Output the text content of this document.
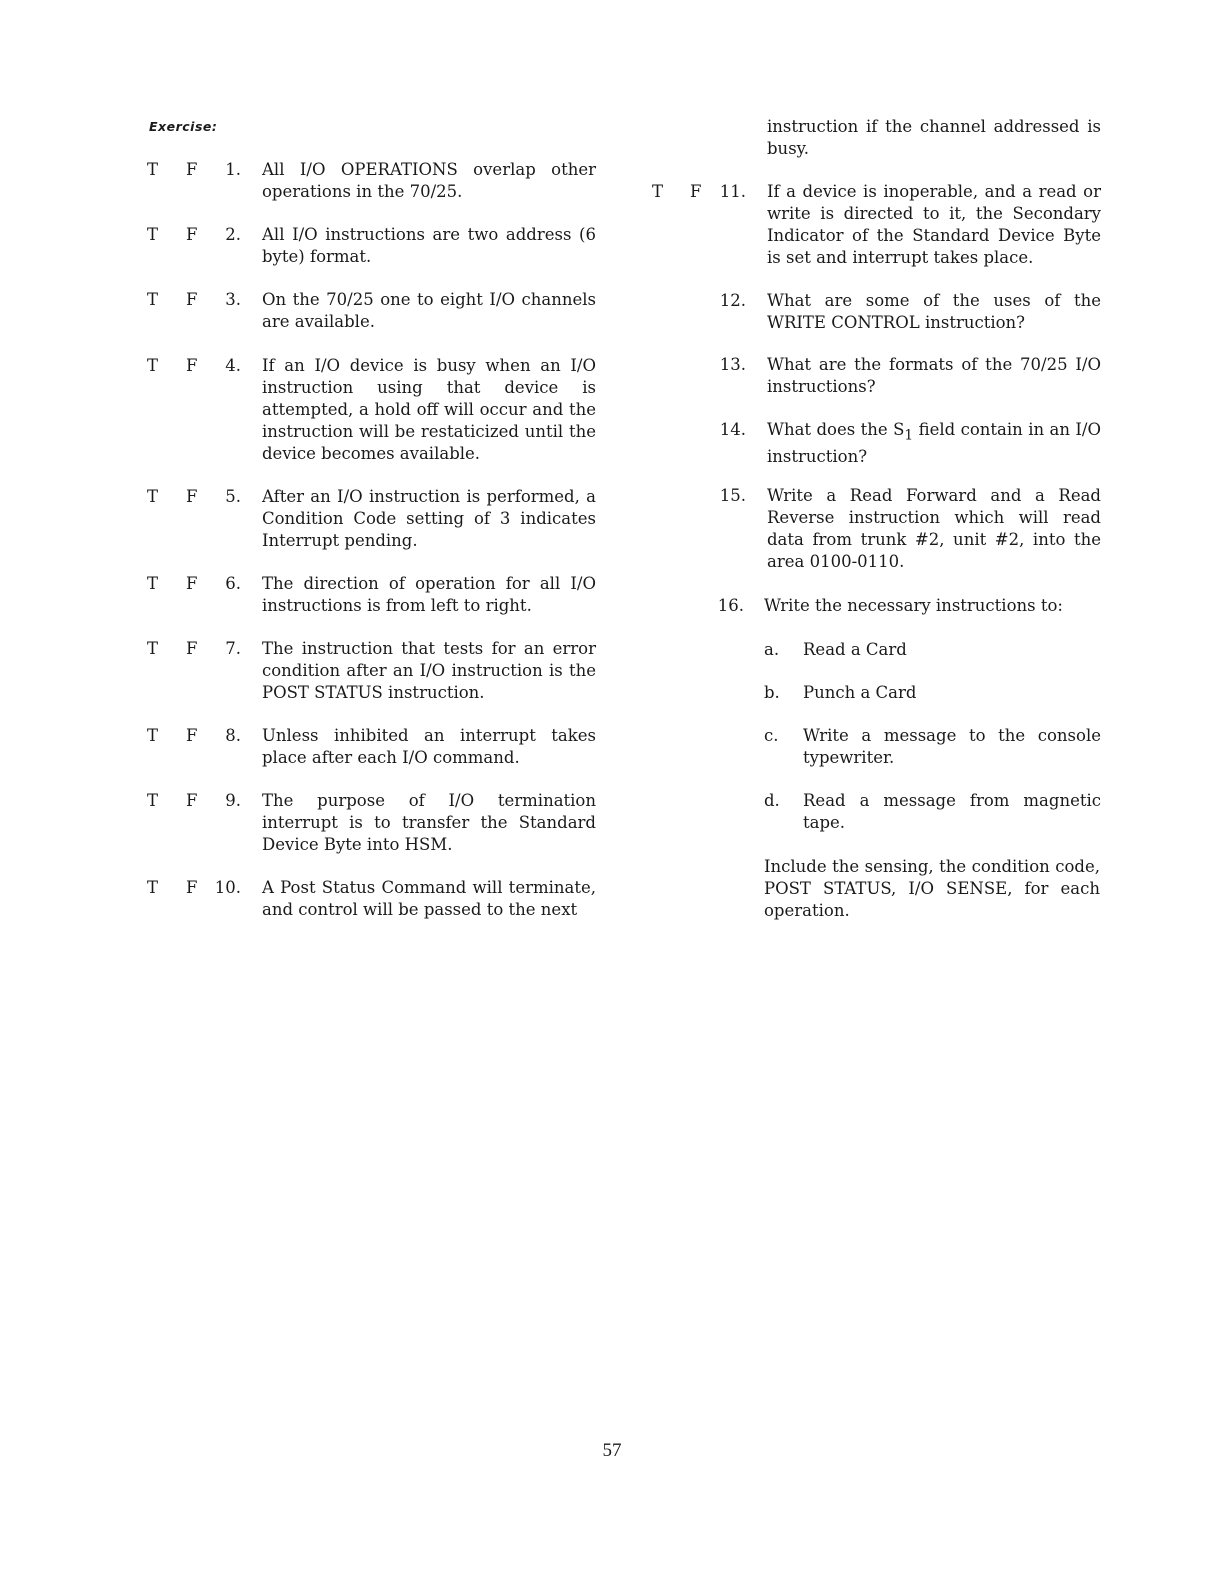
Exercise:
T F	1. All I/O OPERATIONS overlap other operations in the 70/25.
T F	2. All I/O instructions are two address (6 byte) format.
T F	3. On the 70/25 one to eight I/O channels are available.
T F	4. If an I/O device is busy when an I/O instruction using that device is attempted, a hold off will occur and the instruction will be restaticized until the device becomes available.
T F	5. After an I/O instruction is performed, a Condition Code setting of 3 indicates Interrupt pending.
T F	6. The direction of operation for all I/O instructions is from left to right.
T F	7. The instruction that tests for an error condition after an I/O instruction is the POST STATUS instruction.
T F	8. Unless inhibited an interrupt takes place after each I/O command.
T F	9. The purpose of I/O termination interrupt is to transfer the Standard Device Byte into HSM.
T F	10. A Post Status Command will terminate, and control will be passed to the next
instruction if the channel addressed is busy.
T F	11. If a device is inoperable, and a read or write is directed to it, the Secondary Indicator of the Standard Device Byte is set and interrupt takes place.
12. What are some of the uses of the WRITE CONTROL instruction?
13. What are the formats of the 70/25 I/O instructions?
14. What does the $S_1$ field contain in an I/O instruction?
15. Write a Read Forward and a Read Reverse instruction which will read data from trunk #2, unit #2, into the area 0100-0110.
16. Write the necessary instructions to:
a. Read a Card
b. Punch a Card
c. Write a message to the console typewriter.
d. Read a message from magnetic tape.
Include the sensing, the condition code, POST STATUS, I/O SENSE, for each operation.
57
